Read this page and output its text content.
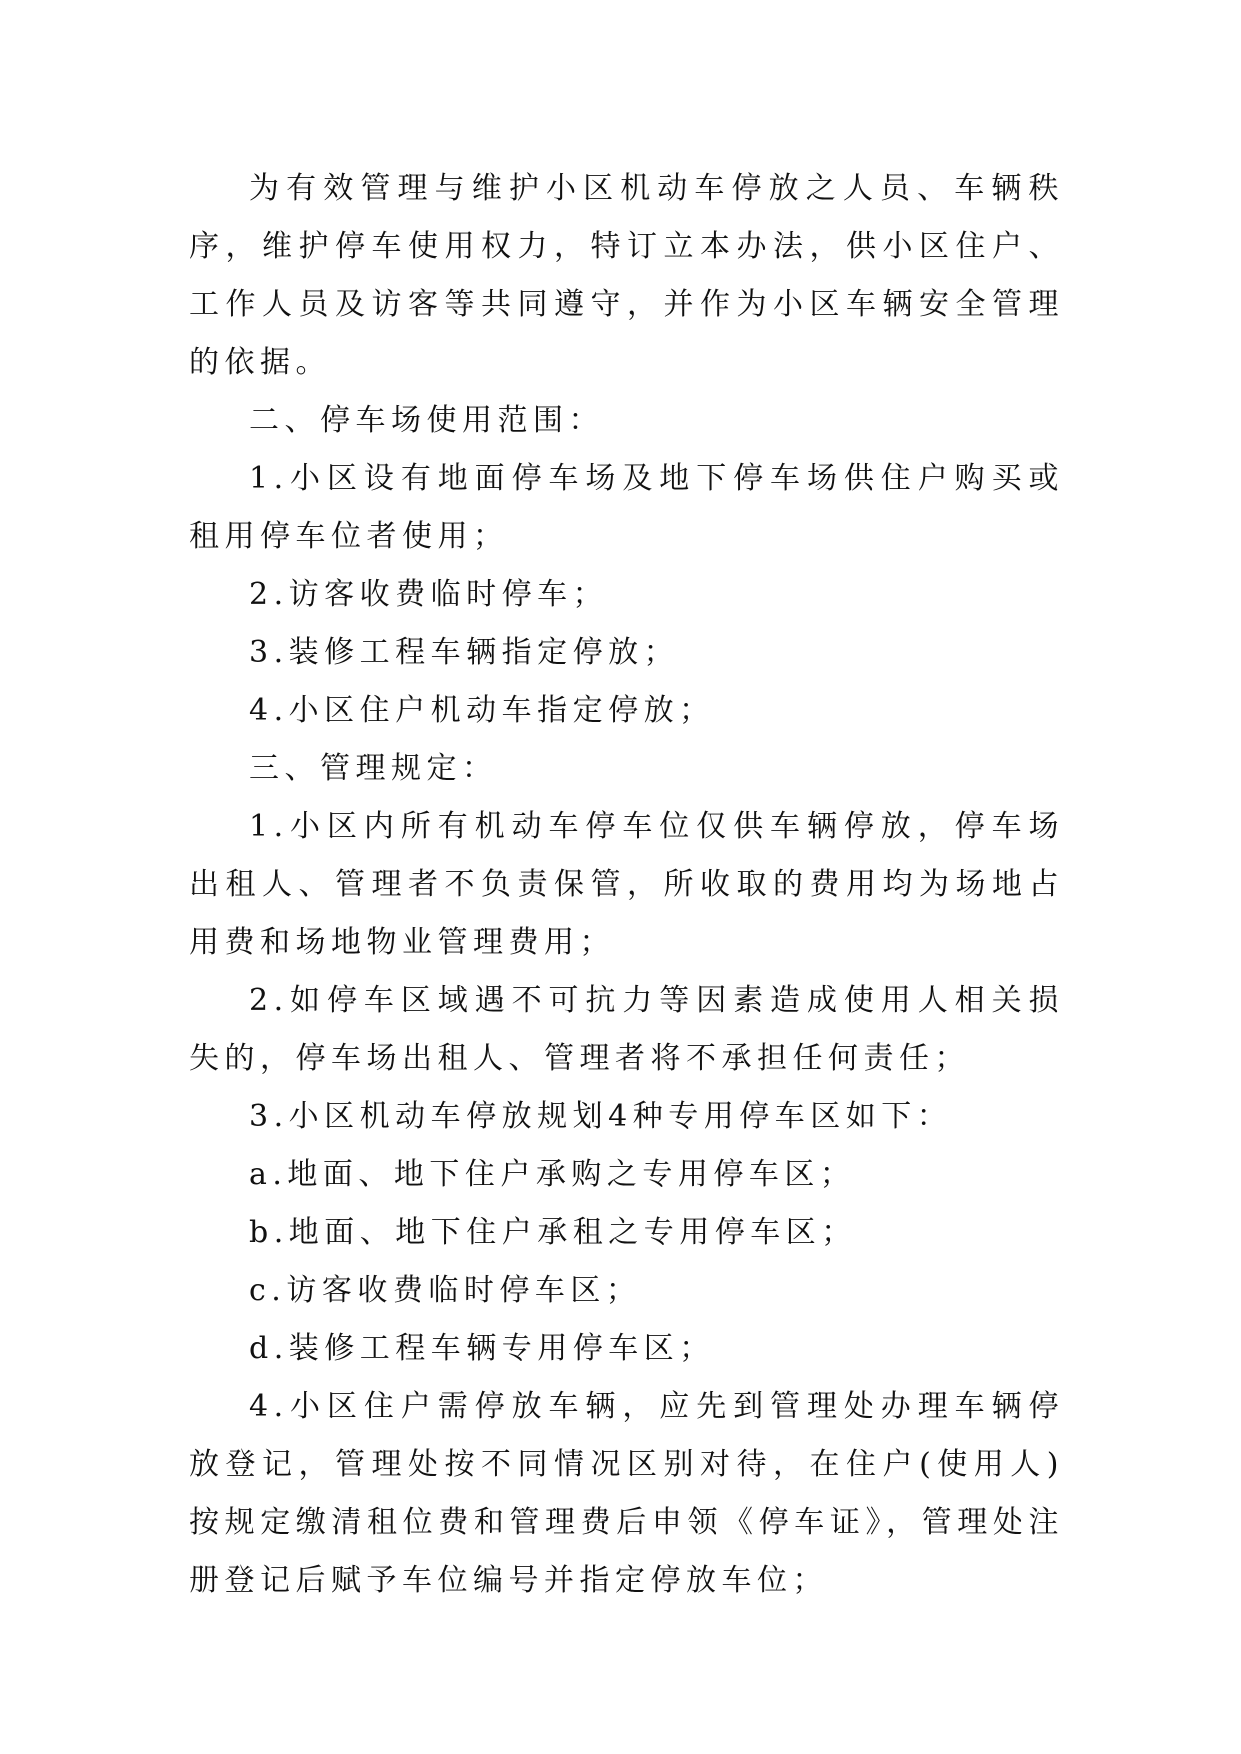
为有效管理与维护小区机动车停放之人员、车辆秩序，维护停车使用权力，特订立本办法，供小区住户、工作人员及访客等共同遵守，并作为小区车辆安全管理的依据。

二、停车场使用范围：

1.小区设有地面停车场及地下停车场供住户购买或租用停车位者使用；

2.访客收费临时停车；

3.装修工程车辆指定停放；

4.小区住户机动车指定停放；

三、管理规定：

1.小区内所有机动车停车位仅供车辆停放，停车场出租人、管理者不负责保管，所收取的费用均为场地占用费和场地物业管理费用；

2.如停车区域遇不可抗力等因素造成使用人相关损失的，停车场出租人、管理者将不承担任何责任；

3.小区机动车停放规划4种专用停车区如下：

a.地面、地下住户承购之专用停车区；

b.地面、地下住户承租之专用停车区；

c.访客收费临时停车区；

d.装修工程车辆专用停车区；

4.小区住户需停放车辆，应先到管理处办理车辆停放登记，管理处按不同情况区别对待，在住户(使用人)按规定缴清租位费和管理费后申领《停车证》，管理处注册登记后赋予车位编号并指定停放车位；
